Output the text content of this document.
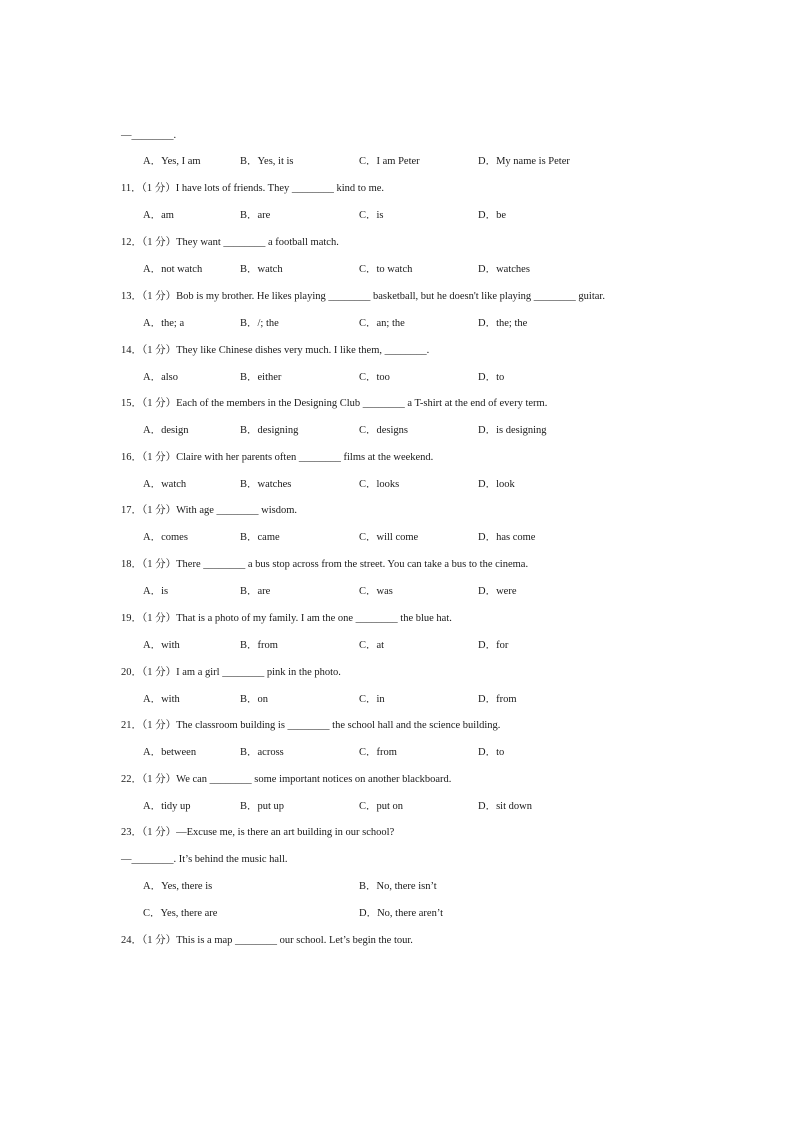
—________.
A．Yes, I am	B．Yes, it is	C．I am Peter	D．My name is Peter
11．（1 分）I have lots of friends. They ________ kind to me.
A．am	B．are	C．is	D．be
12．（1 分）They want ________ a football match.
A．not watch	B．watch	C．to watch	D．watches
13．（1 分）Bob is my brother. He likes playing ________ basketball, but he doesn't like playing ________ guitar.
A．the; a	B．/; the	C．an; the	D．the; the
14．（1 分）They like Chinese dishes very much. I like them, ________.
A．also	B．either	C．too	D．to
15．（1 分）Each of the members in the Designing Club ________ a T-shirt at the end of every term.
A．design	B．designing	C．designs	D．is designing
16．（1 分）Claire with her parents often ________ films at the weekend.
A．watch	B．watches	C．looks	D．look
17．（1 分）With age ________ wisdom.
A．comes	B．came	C．will come	D．has come
18．（1 分）There ________ a bus stop across from the street. You can take a bus to the cinema.
A．is	B．are	C．was	D．were
19．（1 分）That is a photo of my family. I am the one ________ the blue hat.
A．with	B．from	C．at	D．for
20．（1 分）I am a girl ________ pink in the photo.
A．with	B．on	C．in	D．from
21．（1 分）The classroom building is ________ the school hall and the science building.
A．between	B．across	C．from	D．to
22．（1 分）We can ________ some important notices on another blackboard.
A．tidy up	B．put up	C．put on	D．sit down
23．（1 分）—Excuse me, is there an art building in our school?
—________. It’s behind the music hall.
A．Yes, there is	B．No, there isn’t
C．Yes, there are	D．No, there aren’t
24．（1 分）This is a map ________ our school. Let’s begin the tour.
